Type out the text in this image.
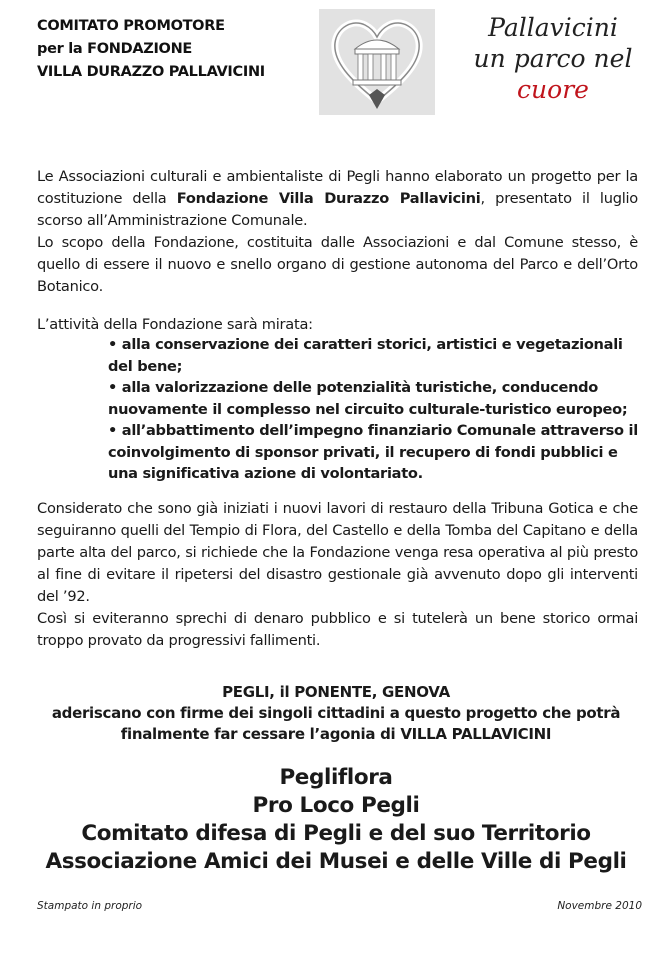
COMITATO PROMOTORE
per la FONDAZIONE
VILLA DURAZZO PALLAVICINI
Pallavicini
un parco nel
cuore

Le Associazioni culturali e ambientaliste di Pegli hanno elaborato un progetto per la costituzione della Fondazione Villa Durazzo Pallavicini, presentato il luglio scorso all’Amministrazione Comunale.

Lo scopo della Fondazione, costituita dalle Associazioni e dal Comune stesso, è quello di essere il nuovo e snello organo di gestione autonoma del Parco e dell’Orto Botanico.

L’attività della Fondazione sarà mirata:
• alla conservazione dei caratteri storici, artistici e vegetazionali del bene;
• alla valorizzazione delle potenzialità turistiche, conducendo nuovamente il complesso nel circuito culturale-turistico europeo;
• all’abbattimento dell’impegno finanziario Comunale attraverso il coinvolgimento di sponsor privati, il recupero di fondi pubblici e una significativa azione di volontariato.

Considerato che sono già iniziati i nuovi lavori di restauro della Tribuna Gotica e che seguiranno quelli del Tempio di Flora, del Castello e della Tomba del Capitano e della parte alta del parco, si richiede che la Fondazione venga resa operativa al più presto al fine di evitare il ripetersi del disastro gestionale già avvenuto dopo gli interventi del ’92.

Così si eviteranno sprechi di denaro pubblico e si tutelerà un bene storico ormai troppo provato da progressivi fallimenti.

PEGLI, il PONENTE, GENOVA
aderiscano con firme dei singoli cittadini a questo progetto che potrà
finalmente far cessare l’agonia di VILLA PALLAVICINI
Pegliflora
Pro Loco Pegli
Comitato difesa di Pegli e del suo Territorio
Associazione Amici dei Musei e delle Ville di Pegli
Stampato in proprio	Novembre 2010
